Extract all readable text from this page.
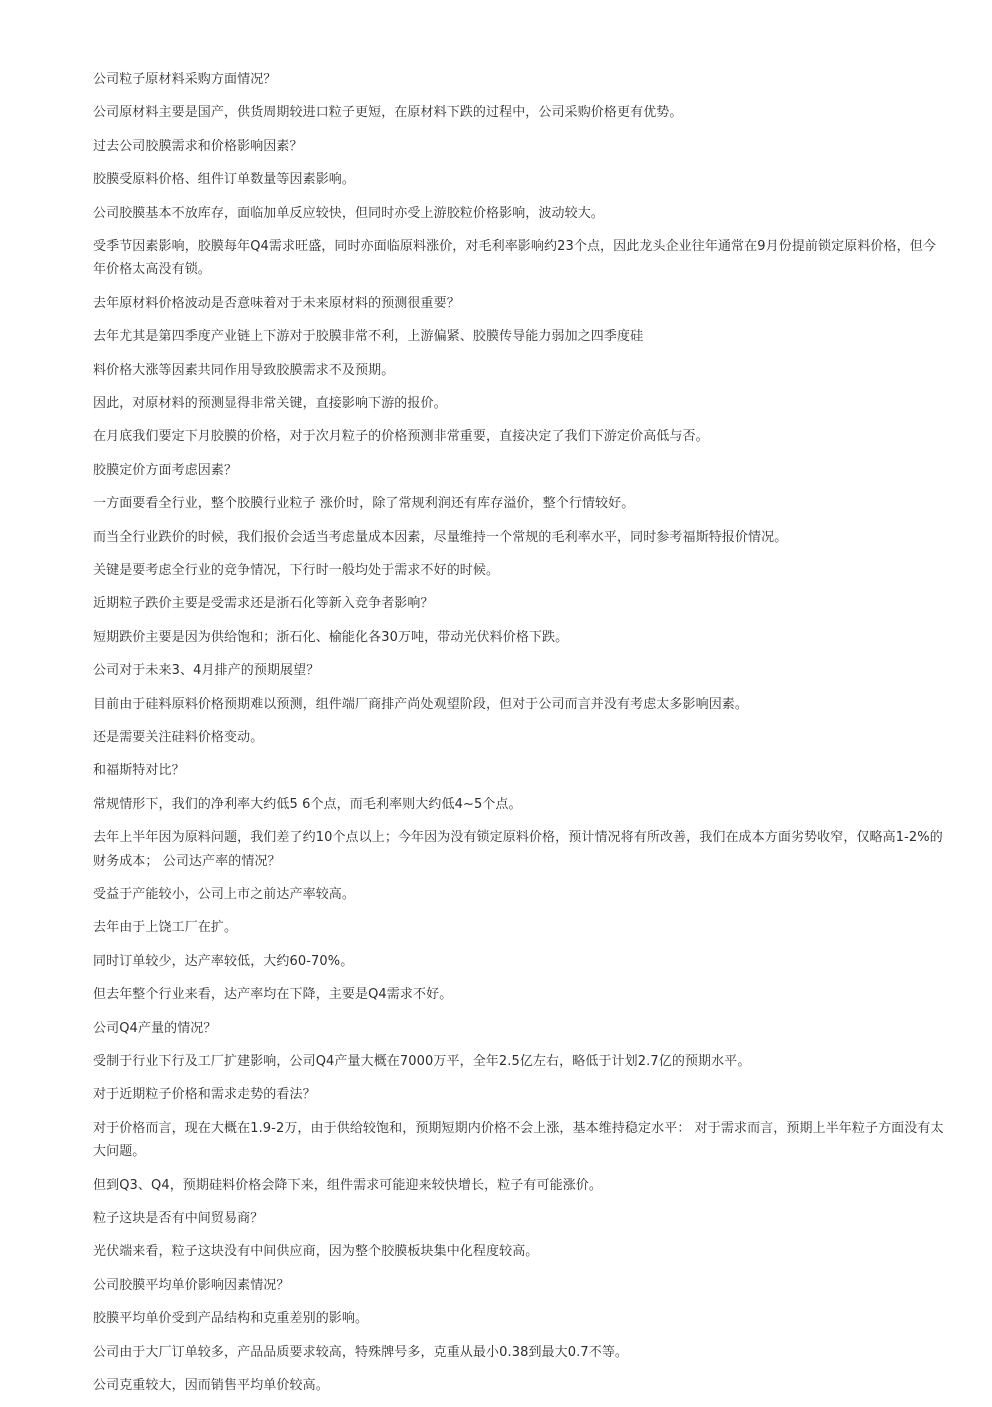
公司粒子原材料采购方面情况？

公司原材料主要是国产，供货周期较进口粒子更短，在原材料下跌的过程中，公司采购价格更有优势。

过去公司胶膜需求和价格影响因素？

胶膜受原料价格、组件订单数量等因素影响。

公司胶膜基本不放库存，面临加单反应较快，但同时亦受上游胶粒价格影响，波动较大。

受季节因素影响，胶膜每年Q4需求旺盛，同时亦面临原料涨价，对毛利率影响约23个点，因此龙头企业往年通常在9月份提前锁定原料价格，但今年价格太高没有锁。

去年原材料价格波动是否意味着对于未来原材料的预测很重要？

去年尤其是第四季度产业链上下游对于胶膜非常不利，上游偏紧、胶膜传导能力弱加之四季度硅

料价格大涨等因素共同作用导致胶膜需求不及预期。

因此，对原材料的预测显得非常关键，直接影响下游的报价。

在月底我们要定下月胶膜的价格，对于次月粒子的价格预测非常重要，直接决定了我们下游定价高低与否。

胶膜定价方面考虑因素？

一方面要看全行业，整个胶膜行业粒子 涨价时，除了常规利润还有库存溢价，整个行情较好。

而当全行业跌价的时候，我们报价会适当考虑量成本因素，尽量维持一个常规的毛利率水平，同时参考福斯特报价情况。

关键是要考虑全行业的竞争情况，下行时一般均处于需求不好的时候。

近期粒子跌价主要是受需求还是浙石化等新入竞争者影响？

短期跌价主要是因为供给饱和；浙石化、榆能化各30万吨，带动光伏料价格下跌。

公司对于未来3、4月排产的预期展望？

目前由于硅料原料价格预期难以预测，组件端厂商排产尚处观望阶段，但对于公司而言并没有考虑太多影响因素。

还是需要关注硅料价格变动。

和福斯特对比？

常规情形下，我们的净利率大约低5 6个点，而毛利率则大约低4~5个点。

去年上半年因为原料问题，我们差了约10个点以上；今年因为没有锁定原料价格，预计情况将有所改善，我们在成本方面劣势收窄，仅略高1-2%的财务成本； 公司达产率的情况？

受益于产能较小，公司上市之前达产率较高。

去年由于上饶工厂在扩。

同时订单较少，达产率较低，大约60-70%。

但去年整个行业来看，达产率均在下降，主要是Q4需求不好。

公司Q4产量的情况？

受制于行业下行及工厂扩建影响，公司Q4产量大概在7000万平，全年2.5亿左右，略低于计划2.7亿的预期水平。

对于近期粒子价格和需求走势的看法？

对于价格而言，现在大概在1.9-2万，由于供给较饱和，预期短期内价格不会上涨，基本维持稳定水平： 对于需求而言，预期上半年粒子方面没有太大问题。

但到Q3、Q4，预期硅料价格会降下来，组件需求可能迎来较快增长，粒子有可能涨价。

粒子这块是否有中间贸易商？

光伏端来看，粒子这块没有中间供应商，因为整个胶膜板块集中化程度较高。

公司胶膜平均单价影响因素情况？

胶膜平均单价受到产品结构和克重差别的影响。

公司由于大厂订单较多，产品品质要求较高，特殊牌号多，克重从最小0.38到最大0.7不等。

公司克重较大，因而销售平均单价较高。
